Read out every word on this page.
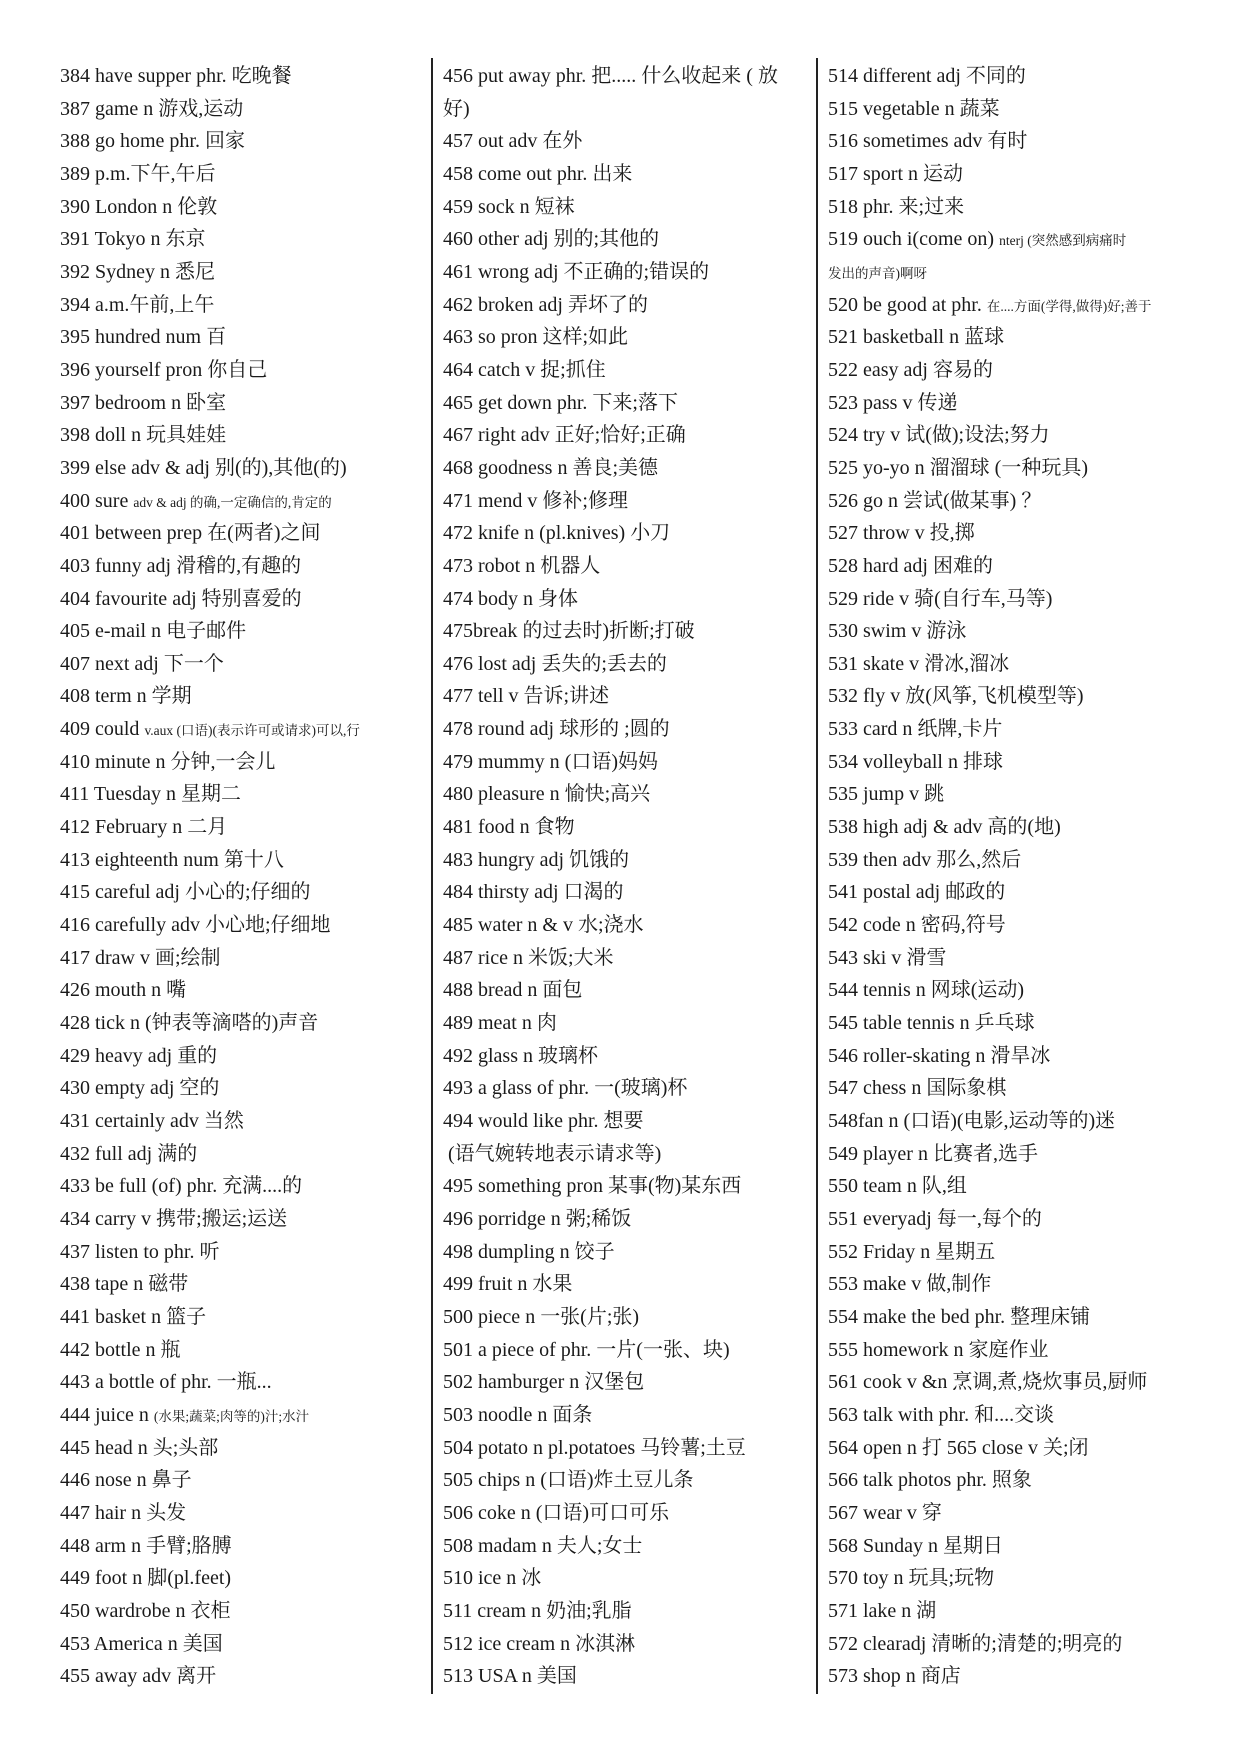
384 have supper phr. 吃晚餐
387 game n 游戏,运动
388 go home phr. 回家
389 p.m.下午,午后
390 London n 伦敦
391 Tokyo n 东京
392 Sydney n 悉尼
394 a.m.午前,上午
395 hundred num 百
396 yourself pron 你自己
397 bedroom n 卧室
398 doll n 玩具娃娃
399 else adv & adj 别(的),其他(的)
400 sure adv & adj 的确,一定确信的,肯定的
401 between prep 在(两者)之间
403 funny adj 滑稽的,有趣的
404 favourite adj 特别喜爱的
405 e-mail n 电子邮件
407 next adj 下一个
408 term n 学期
409 could v.aux (口语)(表示许可或请求)可以,行
410 minute n 分钟,一会儿
411 Tuesday n 星期二
412 February n 二月
413 eighteenth num 第十八
415 careful adj 小心的;仔细的
416 carefully adv 小心地;仔细地
417 draw v 画;绘制
426 mouth n 嘴
428 tick n (钟表等滴嗒的)声音
429 heavy adj 重的
430 empty adj 空的
431 certainly adv 当然
432 full adj 满的
433 be full (of) phr. 充满....的
434 carry v 携带;搬运;运送
437 listen to phr. 听
438 tape n 磁带
441 basket n 篮子
442 bottle n 瓶
443 a bottle of phr. 一瓶...
444 juice n (水果;蔬菜;肉等的)汁;水汁
445 head n 头;头部
446 nose n 鼻子
447 hair n 头发
448 arm n 手臂;胳膊
449 foot n 脚(pl.feet)
450 wardrobe n 衣柜
453 America n 美国
455 away adv 离开
456 put away phr. 把..... 什么收起来 ( 放
好)
457 out adv 在外
458 come out phr. 出来
459 sock n 短袜
460 other adj 别的;其他的
461 wrong adj 不正确的;错误的
462 broken adj 弄坏了的
463 so pron 这样;如此
464 catch v 捉;抓住
465 get down phr. 下来;落下
467 right adv 正好;恰好;正确
468 goodness n 善良;美德
471 mend v 修补;修理
472 knife n (pl.knives) 小刀
473 robot n 机器人
474 body n 身体
475break 的过去时)折断;打破
476 lost adj 丢失的;丢去的
477 tell v 告诉;讲述
478 round adj 球形的 ;圆的
479 mummy n (口语)妈妈
480 pleasure n 愉快;高兴
481 food n 食物
483 hungry adj 饥饿的
484 thirsty adj 口渴的
485 water n & v 水;浇水
487 rice n 米饭;大米
488 bread n 面包
489 meat n 肉
492 glass n 玻璃杯
493 a glass of phr. 一(玻璃)杯
494 would like phr. 想要
(语气婉转地表示请求等)
495 something pron 某事(物)某东西
496 porridge n 粥;稀饭
498 dumpling n 饺子
499 fruit n 水果
500 piece n 一张(片;张)
501 a piece of phr. 一片(一张、块)
502 hamburger n 汉堡包
503 noodle n 面条
504 potato n pl.potatoes 马铃薯;土豆
505 chips n (口语)炸土豆儿条
506 coke n (口语)可口可乐
508 madam n 夫人;女士
510 ice n 冰
511 cream n 奶油;乳脂
512 ice cream n 冰淇淋
513 USA n 美国
514 different adj 不同的
515 vegetable n 蔬菜
516 sometimes adv 有时
517 sport n 运动
518 phr. 来;过来
519 ouch i(come on) nterj (突然感到病痛时
发出的声音)啊呀
520 be good at phr. 在....方面(学得,做得)好;善于
521 basketball n 蓝球
522 easy adj 容易的
523 pass v 传递
524 try v 试(做);设法;努力
525 yo-yo n 溜溜球 (一种玩具)
526 go n 尝试(做某事) ？
527 throw v 投,掷
528 hard adj 困难的
529 ride v 骑(自行车,马等)
530 swim v 游泳
531 skate v 滑冰,溜冰
532 fly v 放(风筝,飞机模型等)
533 card n 纸牌,卡片
534 volleyball n 排球
535 jump v 跳
538 high adj & adv 高的(地)
539 then adv 那么,然后
541 postal adj 邮政的
542 code n 密码,符号
543 ski v 滑雪
544 tennis n 网球(运动)
545 table tennis n 乒乓球
546 roller-skating n 滑旱冰
547 chess n 国际象棋
548fan n (口语)(电影,运动等的)迷
549 player n 比赛者,选手
550 team n 队,组
551 everyadj 每一,每个的
552 Friday n 星期五
553 make v 做,制作
554 make the bed phr. 整理床铺
555 homework n 家庭作业
561 cook v &n 烹调,煮,烧炊事员,厨师
563 talk with phr. 和....交谈
564 open n 打 565 close v 关;闭
566 talk photos phr. 照象
567 wear v 穿
568 Sunday n 星期日
570 toy n 玩具;玩物
571 lake n 湖
572 clearadj 清晰的;清楚的;明亮的
573 shop n 商店
